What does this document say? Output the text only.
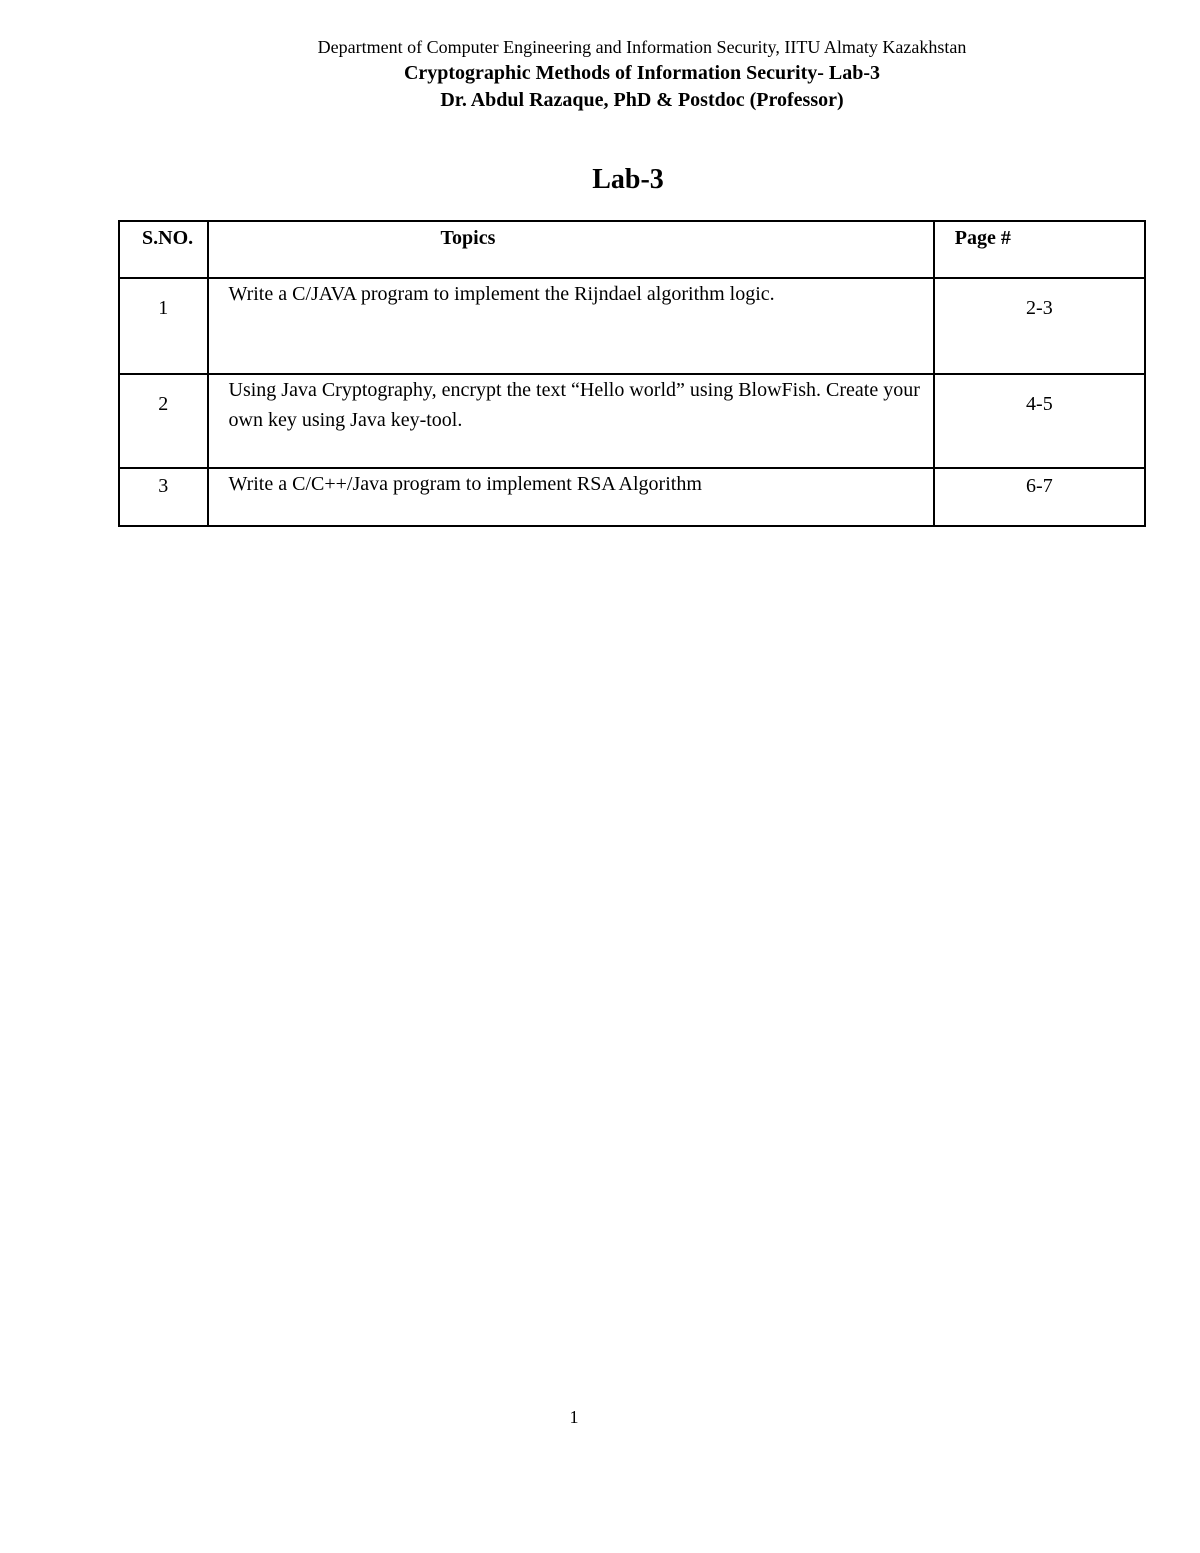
Department of Computer Engineering and Information Security, IITU Almaty Kazakhstan
Cryptographic Methods of Information Security- Lab-3
Dr. Abdul Razaque, PhD & Postdoc (Professor)
Lab-3
S.NO.	Topics	Page #
1	Write a C/JAVA program to implement the Rijndael algorithm logic.	2-3
2	Using Java Cryptography, encrypt the text “Hello world” using BlowFish. Create your own key using Java key-tool.	4-5
3	Write a C/C++/Java program to implement RSA Algorithm	6-7
1
